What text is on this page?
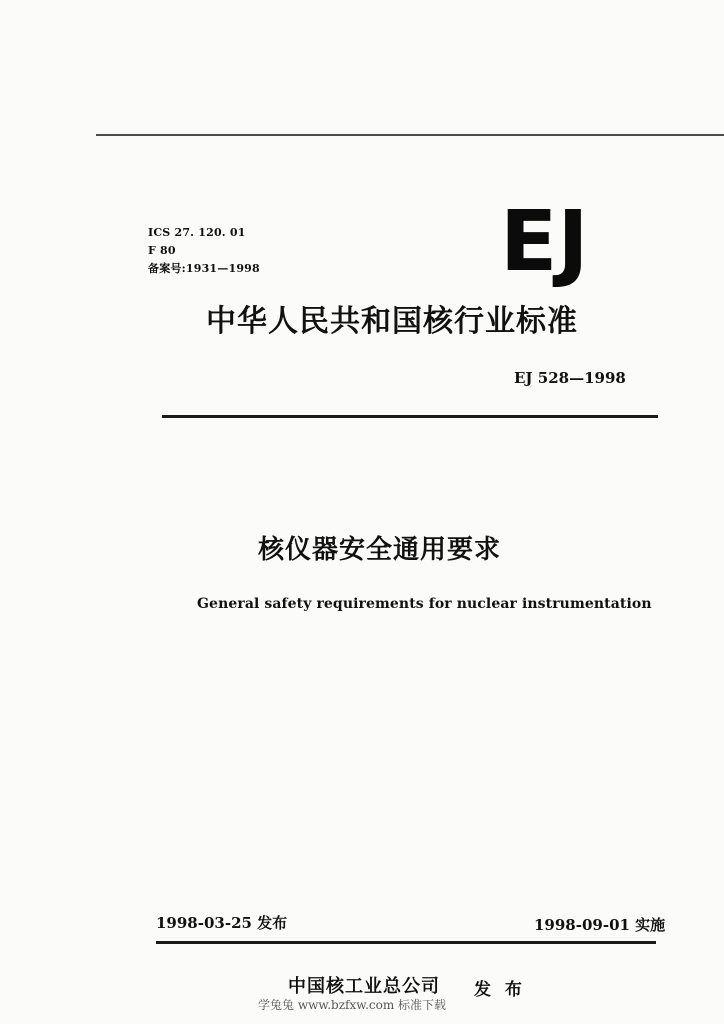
ICS 27. 120. 01
F 80
备案号:1931—1998	EJ
中华人民共和国核行业标准
EJ 528—1998
核仪器安全通用要求
General safety requirements for nuclear instrumentation
1998-03-25 发布	1998-09-01 实施
中国核工业总公司 发 布
学兔兔 www.bzfxw.com 标准下载
